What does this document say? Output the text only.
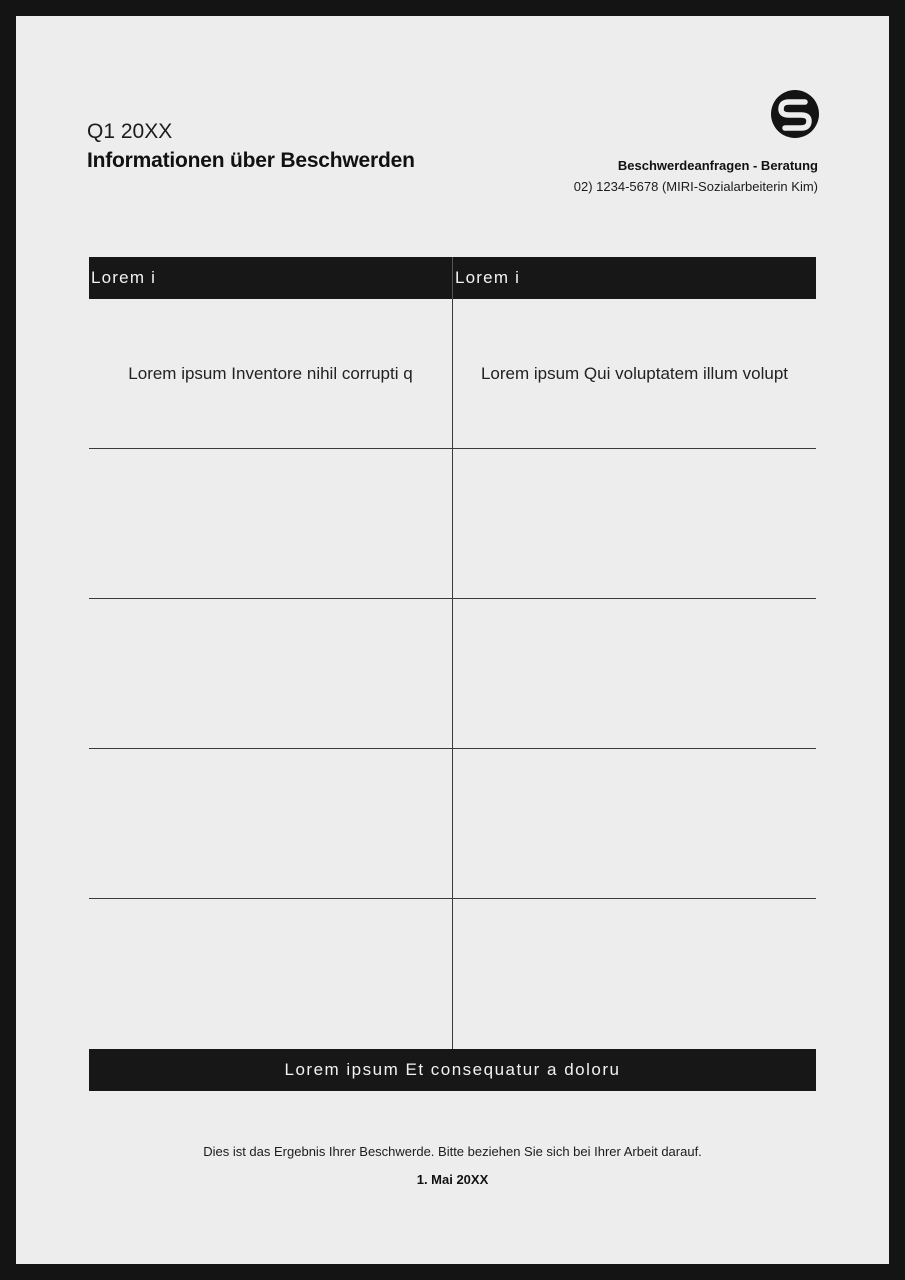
Q1 20XX
Informationen über Beschwerden	Beschwerdeanfragen - Beratung
02) 1234-5678 (MIRI-Sozialarbeiterin Kim)
Lorem i	Lorem i
Lorem ipsum Inventore nihil corrupti q	Lorem ipsum Qui voluptatem illum volupt
Lorem ipsum Et consequatur a doloru
Dies ist das Ergebnis Ihrer Beschwerde. Bitte beziehen Sie sich bei Ihrer Arbeit darauf.
1. Mai 20XX
